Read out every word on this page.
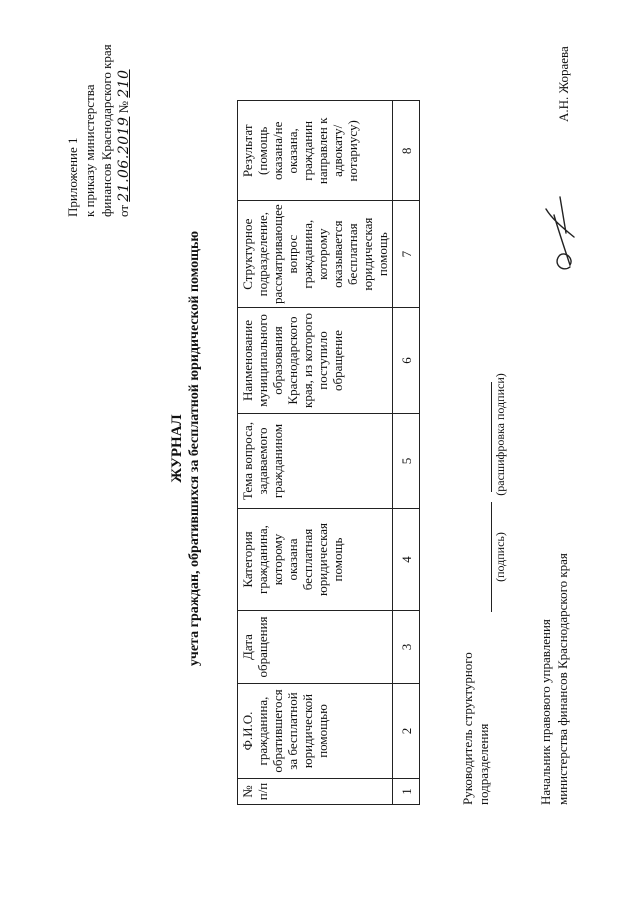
Приложение 1 к приказу министерства финансов Краснодарского края от 21.06.2019 № 210
ЖУРНАЛ учета граждан, обратившихся за бесплатной юридической помощью
№ п/п	Ф.И.О. гражданина, обратившегося за бесплатной юридической помощью	Дата обращения	Категория гражданина, которому оказана бесплатная юридическая помощь	Тема вопроса, задаваемого гражданином	Наименование муниципального образования Краснодарского края, из которого поступило обращение	Структурное подразделение, рассматривающее вопрос гражданина, которому оказывается бесплатная юридическая помощь	Результат (помощь оказана/не оказана, гражданин направлен к адвокату/ нотариусу)
1	2	3	4	5	6	7	8
Руководитель структурного подразделения
(подпись)
(расшифровка подписи)
Начальник правового управления министерства финансов Краснодарского края
А.Н. Жораева
